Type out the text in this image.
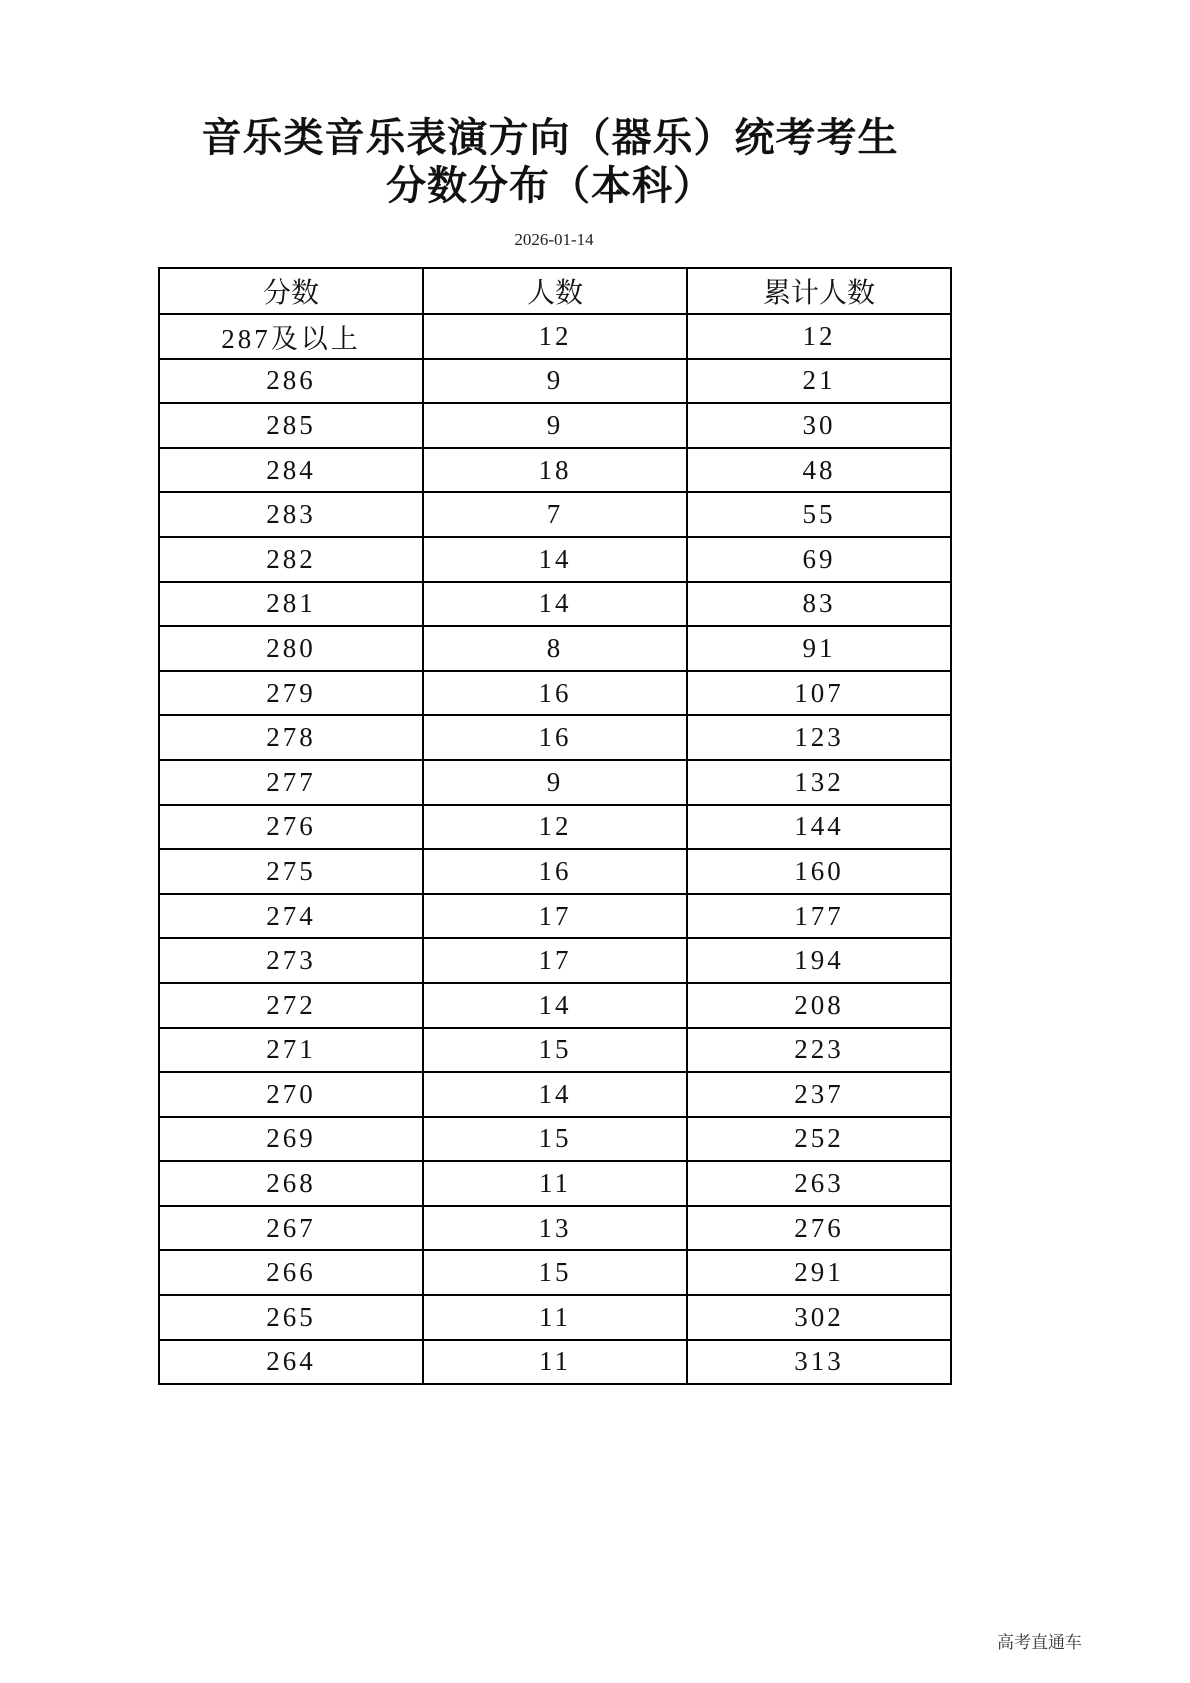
音乐类音乐表演方向（器乐）统考考生
分数分布（本科）
2026-01-14
分数	人数	累计人数
287及以上	12	12
286	9	21
285	9	30
284	18	48
283	7	55
282	14	69
281	14	83
280	8	91
279	16	107
278	16	123
277	9	132
276	12	144
275	16	160
274	17	177
273	17	194
272	14	208
271	15	223
270	14	237
269	15	252
268	11	263
267	13	276
266	15	291
265	11	302
264	11	313
高考直通车
